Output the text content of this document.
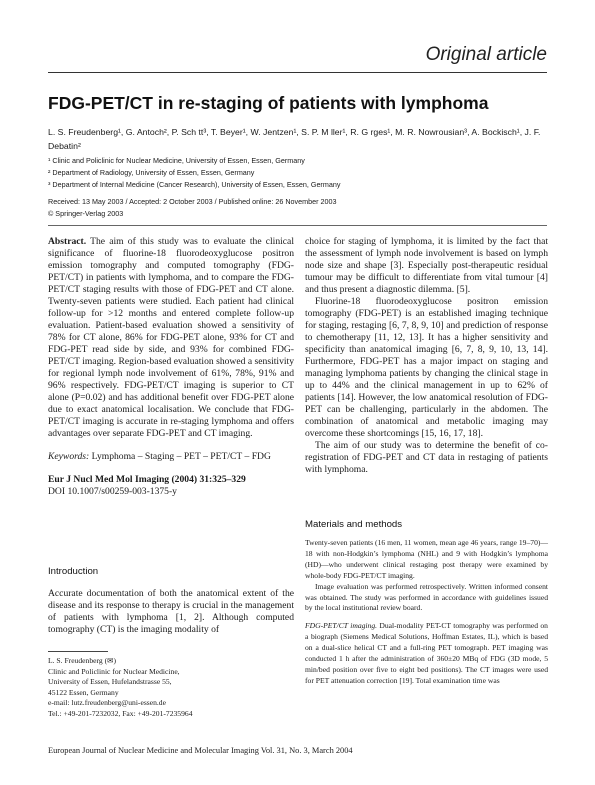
Original article
FDG-PET/CT in re-staging of patients with lymphoma
L. S. Freudenberg¹, G. Antoch², P. Sch tt³, T. Beyer¹, W. Jentzen¹, S. P. M ller¹, R. G rges¹, M. R. Nowrousian³, A. Bockisch¹, J. F. Debatin²
¹ Clinic and Policlinic for Nuclear Medicine, University of Essen, Essen, Germany
² Department of Radiology, University of Essen, Essen, Germany
³ Department of Internal Medicine (Cancer Research), University of Essen, Essen, Germany
Received: 13 May 2003 / Accepted: 2 October 2003 / Published online: 26 November 2003
© Springer-Verlag 2003

Abstract. The aim of this study was to evaluate the clinical significance of fluorine-18 fluorodeoxyglucose positron emission tomography and computed tomography (FDG-PET/CT) in patients with lymphoma, and to compare the FDG-PET/CT staging results with those of FDG-PET and CT alone. Twenty-seven patients were studied. Each patient had clinical follow-up for >12 months and entered complete follow-up evaluation. Patient-based evaluation showed a sensitivity of 78% for CT alone, 86% for FDG-PET alone, 93% for CT and FDG-PET read side by side, and 93% for combined FDG-PET/CT imaging. Region-based evaluation showed a sensitivity for regional lymph node involvement of 61%, 78%, 91% and 96% respectively. FDG-PET/CT imaging is superior to CT alone (P=0.02) and has additional benefit over FDG-PET alone due to exact anatomical localisation. We conclude that FDG-PET/CT imaging is accurate in re-staging lymphoma and offers advantages over separate FDG-PET and CT imaging.

Keywords: Lymphoma – Staging – PET – PET/CT – FDG

Eur J Nucl Med Mol Imaging (2004) 31:325–329
DOI 10.1007/s00259-003-1375-y

Introduction

Accurate documentation of both the anatomical extent of the disease and its response to therapy is crucial in the management of patients with lymphoma [1, 2]. Although computed tomography (CT) is the imaging modality of

L. S. Freudenberg (✉)
Clinic and Policlinic for Nuclear Medicine,
University of Essen, Hufelandstrasse 55,
45122 Essen, Germany
e-mail: lutz.freudenberg@uni-essen.de
Tel.: +49-201-7232032, Fax: +49-201-7235964

choice for staging of lymphoma, it is limited by the fact that the assessment of lymph node involvement is based on lymph node size and shape [3]. Especially post-therapeutic residual tumour may be difficult to differentiate from vital tumour [4] and thus present a diagnostic dilemma. [5].

Fluorine-18 fluorodeoxyglucose positron emission tomography (FDG-PET) is an established imaging technique for staging, restaging [6, 7, 8, 9, 10] and prediction of response to chemotherapy [11, 12, 13]. It has a higher sensitivity and specificity than anatomical imaging [6, 7, 8, 9, 10, 13, 14]. Furthermore, FDG-PET has a major impact on staging and managing lymphoma patients by changing the clinical stage in up to 44% and the clinical management in up to 62% of patients [14]. However, the low anatomical resolution of FDG-PET can be challenging, particularly in the abdomen. The combination of anatomical and metabolic imaging may overcome these shortcomings [15, 16, 17, 18].

The aim of our study was to determine the benefit of co-registration of FDG-PET and CT data in restaging of patients with lymphoma.

Materials and methods

Twenty-seven patients (16 men, 11 women, mean age 46 years, range 19–70)—18 with non-Hodgkin’s lymphoma (NHL) and 9 with Hodgkin’s lymphoma (HD)—who underwent clinical restaging post therapy were examined by whole-body FDG-PET/CT imaging.

Image evaluation was performed retrospectively. Written informed consent was obtained. The study was performed in accordance with guidelines issued by the local institutional review board.

FDG-PET/CT imaging. Dual-modality PET-CT tomography was performed on a biograph (Siemens Medical Solutions, Hoffman Estates, IL), which is based on a dual-slice helical CT and a full-ring PET tomograph. PET imaging was conducted 1 h after the administration of 360±20 MBq of FDG (3D mode, 5 min/bed position over five to eight bed positions). The CT images were used for PET attenuation correction [19]. Total examination time was

European Journal of Nuclear Medicine and Molecular Imaging Vol. 31, No. 3, March 2004
